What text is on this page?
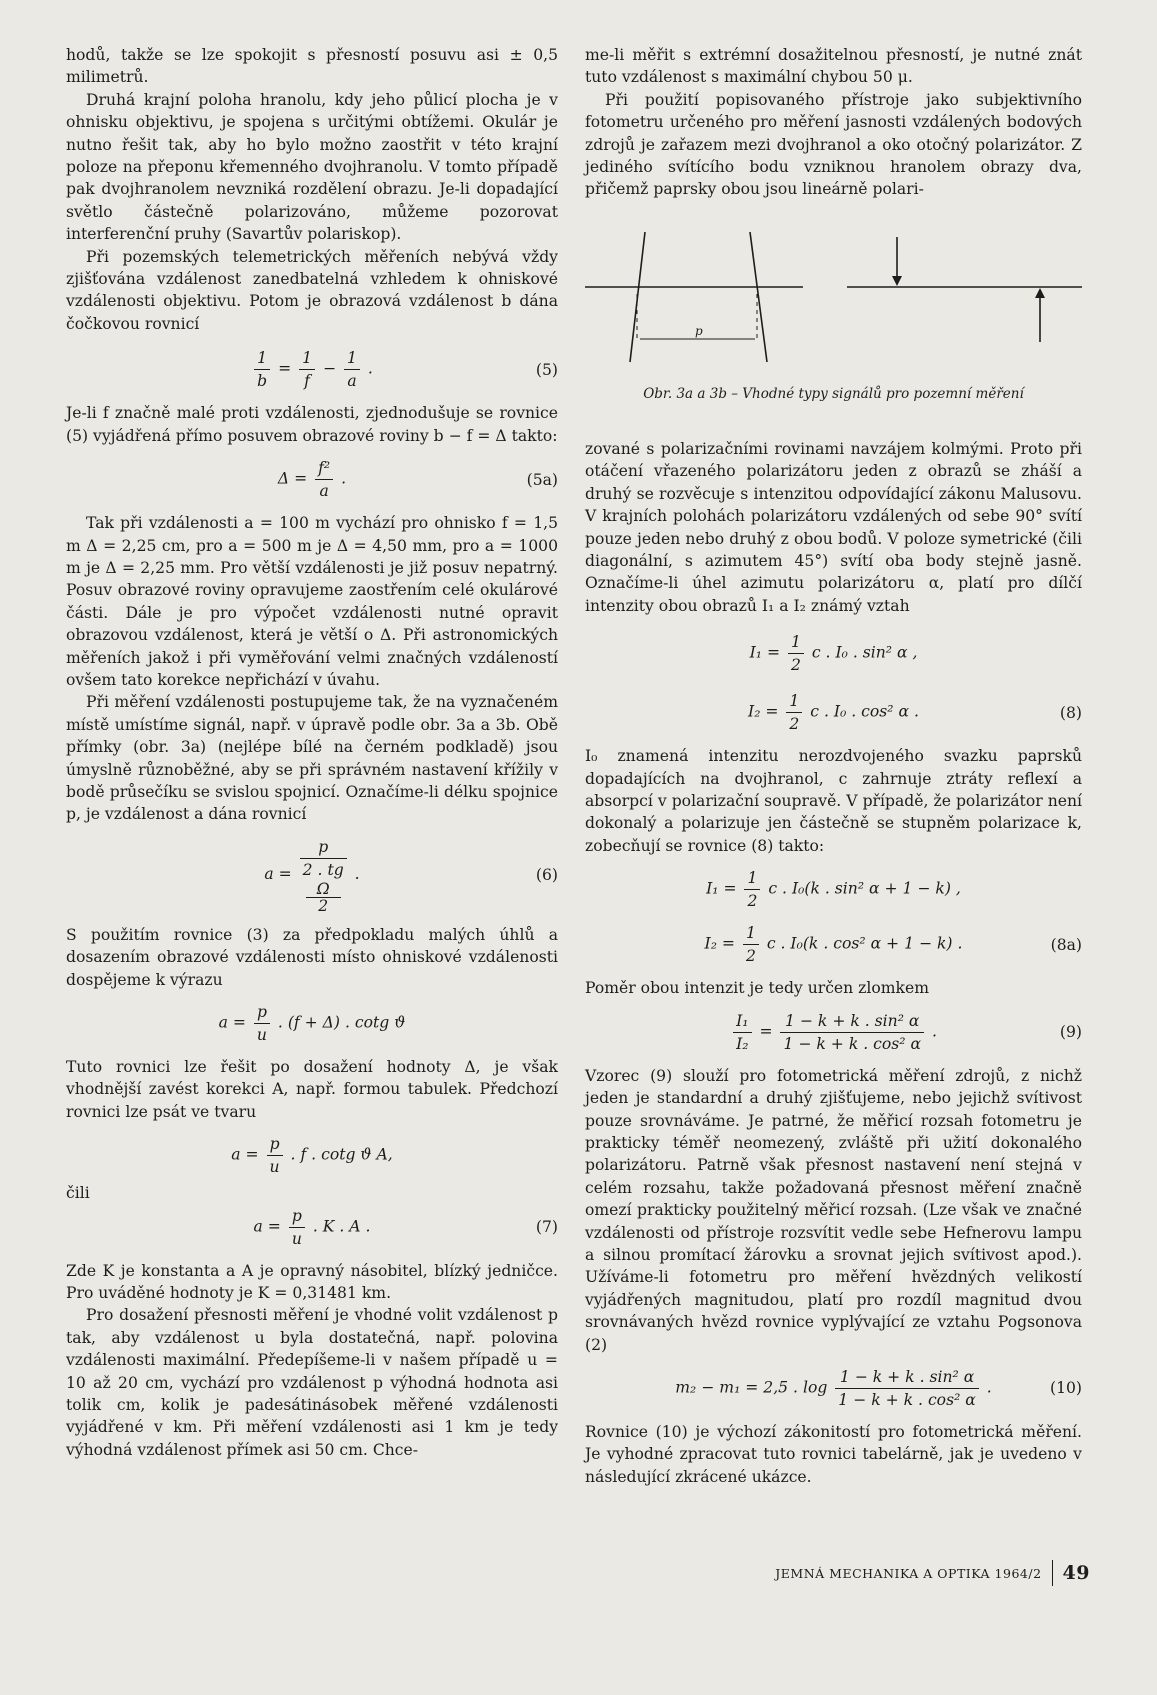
hodů, takže se lze spokojit s přesností posuvu asi ± 0,5 milimetrů.

Druhá krajní poloha hranolu, kdy jeho půlicí plocha je v ohnisku objektivu, je spojena s určitými obtížemi. Okulár je nutno řešit tak, aby ho bylo možno zaostřit v této krajní poloze na přeponu křemenného dvojhranolu. V tomto případě pak dvojhranolem nevzniká rozdělení obrazu. Je-li dopadající světlo částečně polarizováno, můžeme pozorovat interferenční pruhy (Savartův polariskop).

Při pozemských telemetrických měřeních nebývá vždy zjišťována vzdálenost zanedbatelná vzhledem k ohniskové vzdálenosti objektivu. Potom je obrazová vzdálenost b dána čočkovou rovnicí

$\frac{1}{b} = \frac{1}{f} - \frac{1}{a}$ .	(5)

Je-li f značně malé proti vzdálenosti, zjednodušuje se rovnice (5) vyjádřená přímo posuvem obrazové roviny b − f = Δ takto:

$\Delta = \frac{\text{f²}}{a}$ .	(5a)

Tak při vzdálenosti a = 100 m vychází pro ohnisko f = 1,5 m Δ = 2,25 cm, pro a = 500 m je Δ = 4,50 mm, pro a = 1000 m je Δ = 2,25 mm. Pro větší vzdálenosti je již posuv nepatrný. Posuv obrazové roviny opravujeme zaostřením celé okulárové části. Dále je pro výpočet vzdálenosti nutné opravit obrazovou vzdálenost, která je větší o Δ. Při astronomických měřeních jakož i při vyměřování velmi značných vzdáleností ovšem tato korekce nepřichází v úvahu.

Při měření vzdálenosti postupujeme tak, že na vyznačeném místě umístíme signál, např. v úpravě podle obr. 3a a 3b. Obě přímky (obr. 3a) (nejlépe bílé na černém podkladě) jsou úmyslně různoběžné, aby se při správném nastavení křížily v bodě průsečíku se svislou spojnicí. Označíme-li délku spojnice p, je vzdálenost a dána rovnicí

a = p
2 . tg
Ω
2 .	(6)

S použitím rovnice (3) za předpokladu malých úhlů a dosazením obrazové vzdálenosti místo ohniskové vzdálenosti dospějeme k výrazu

$a = \frac{p}{u}$ . (f + Δ) . cotg ϑ

Tuto rovnici lze řešit po dosažení hodnoty Δ, je však vhodnější zavést korekci A, např. formou tabulek. Předchozí rovnici lze psát ve tvaru

$a = \frac{p}{u}$ . f . cotg ϑ A,

čili

$a = \frac{p}{u}$ . K . A .	(7)

Zde K je konstanta a A je opravný násobitel, blízký jedničce. Pro uváděné hodnoty je K = 0,31481 km.

Pro dosažení přesnosti měření je vhodné volit vzdálenost p tak, aby vzdálenost u byla dostatečná, např. polovina vzdálenosti maximální. Předepíšeme-li v našem případě u = 10 až 20 cm, vychází pro vzdálenost p výhodná hodnota asi tolik cm, kolik je padesátinásobek měřené vzdálenosti vyjádřené v km. Při měření vzdálenosti asi 1 km je tedy výhodná vzdálenost přímek asi 50 cm. Chce-

me-li měřit s extrémní dosažitelnou přesností, je nutné znát tuto vzdálenost s maximální chybou 50 μ.

Při použití popisovaného přístroje jako subjektivního fotometru určeného pro měření jasnosti vzdálených bodových zdrojů je zařazem mezi dvojhranol a oko otočný polarizátor. Z jediného svítícího bodu vzniknou hranolem obrazy dva, přičemž paprsky obou jsou lineárně polari-

p
Obr. 3a a 3b – Vhodné typy signálů pro pozemní měření

zované s polarizačními rovinami navzájem kolmými. Proto při otáčení vřazeného polarizátoru jeden z obrazů se zháší a druhý se rozvěcuje s intenzitou odpovídající zákonu Malusovu. V krajních polohách polarizátoru vzdálených od sebe 90° svítí pouze jeden nebo druhý z obou bodů. V poloze symetrické (čili diagonální, s azimutem 45°) svítí oba body stejně jasně. Označíme-li úhel azimutu polarizátoru α, platí pro dílčí intenzity obou obrazů I₁ a I₂ známý vztah

$I_1 = \frac{1}{2}$ c . I₀ . sin² α ,

$I_2 = \frac{1}{2}$ c . I₀ . cos² α .	(8)

I₀ znamená intenzitu nerozdvojeného svazku paprsků dopadajících na dvojhranol, c zahrnuje ztráty reflexí a absorpcí v polarizační soupravě. V případě, že polarizátor není dokonalý a polarizuje jen částečně se stupněm polarizace k, zobecňují se rovnice (8) takto:

$I_1 = \frac{1}{2}$ c . I₀(k . sin² α + 1 − k) ,

$I_2 = \frac{1}{2}$ c . I₀(k . cos² α + 1 − k) .	(8a)

Poměr obou intenzit je tedy určen zlomkem

$\frac{\text{I₁}}{\text{I₂}} = \frac{\text{1 − k + k . sin² α}}{\text{1 − k + k . cos² α}}$ .	(9)

Vzorec (9) slouží pro fotometrická měření zdrojů, z nichž jeden je standardní a druhý zjišťujeme, nebo jejichž svítivost pouze srovnáváme. Je patrné, že měřicí rozsah fotometru je prakticky téměř neomezený, zvláště při užití dokonalého polarizátoru. Patrně však přesnost nastavení není stejná v celém rozsahu, takže požadovaná přesnost měření značně omezí prakticky použitelný měřicí rozsah. (Lze však ve značné vzdálenosti od přístroje rozsvítit vedle sebe Hefnerovu lampu a silnou promítací žárovku a srovnat jejich svítivost apod.). Užíváme-li fotometru pro měření hvězdných velikostí vyjádřených magnitudou, platí pro rozdíl magnitud dvou srovnávaných hvězd rovnice vyplývající ze vztahu Pogsonova (2)

m₂ − m₁ = 2,5 . $\log \frac{\text{1 − k + k . sin² α}}{\text{1 − k + k . cos² α}}$ .	(10)

Rovnice (10) je výchozí zákonitostí pro fotometrická měření. Je vyhodné zpracovat tuto rovnici tabelárně, jak je uvedeno v následující zkrácené ukázce.

JEMNÁ MECHANIKA A OPTIKA 1964/2 49
